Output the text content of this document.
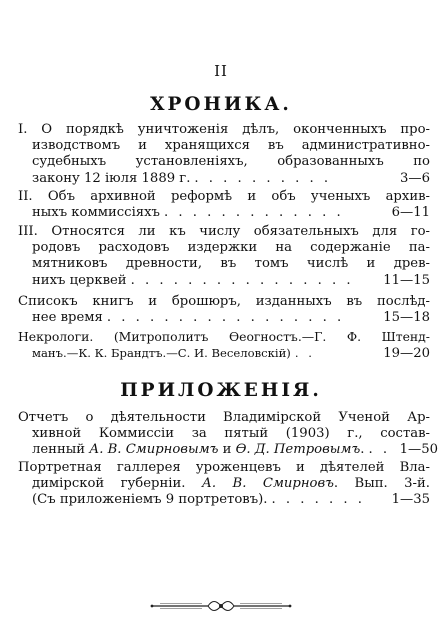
II
ХРОНИКА.
I. О порядкѣ уничтоженія дѣлъ, оконченныхъ про-
изводствомъ и хранящихся въ административно-
судебныхъ установленіяхъ, образованныхъ по
закону 12 іюля 1889 г. . . . . . . . . . .	3—6
II. Объ архивной реформѣ и объ ученыхъ архив-
ныхъ коммиссіяхъ . . . . . . . . . . . . .	6—11
III. Относятся ли къ числу обязательныхъ для го-
родовъ расходовъ издержки на содержаніе па-
мятниковъ древности, въ томъ числѣ и древ-
нихъ церквей . . . . . . . . . . . . . . . .	11—15
Списокъ книгъ и брошюръ, изданныхъ въ послѣд-
нее время . . . . . . . . . . . . . . . . .	15—18
Некрологи. (Митрополитъ Ѳеогностъ.—Г. Ф. Штенд-
манъ.—К. К. Брандтъ.—С. И. Веселовскій) . .	19—20
ПРИЛОЖЕНІЯ.
Отчетъ о дѣятельности Владимірской Ученой Ар-
хивной Коммиссіи за пятый (1903) г., состав-
ленный А. В. Смирновымъ и Ѳ. Д. Петровымъ. . . 1—50
Портретная галлерея уроженцевъ и дѣятелей Вла-
димірской губерніи. А. В. Смирновъ. Вып. 3-й.
(Съ приложеніемъ 9 портретовъ). . . . . . . .	1—35
